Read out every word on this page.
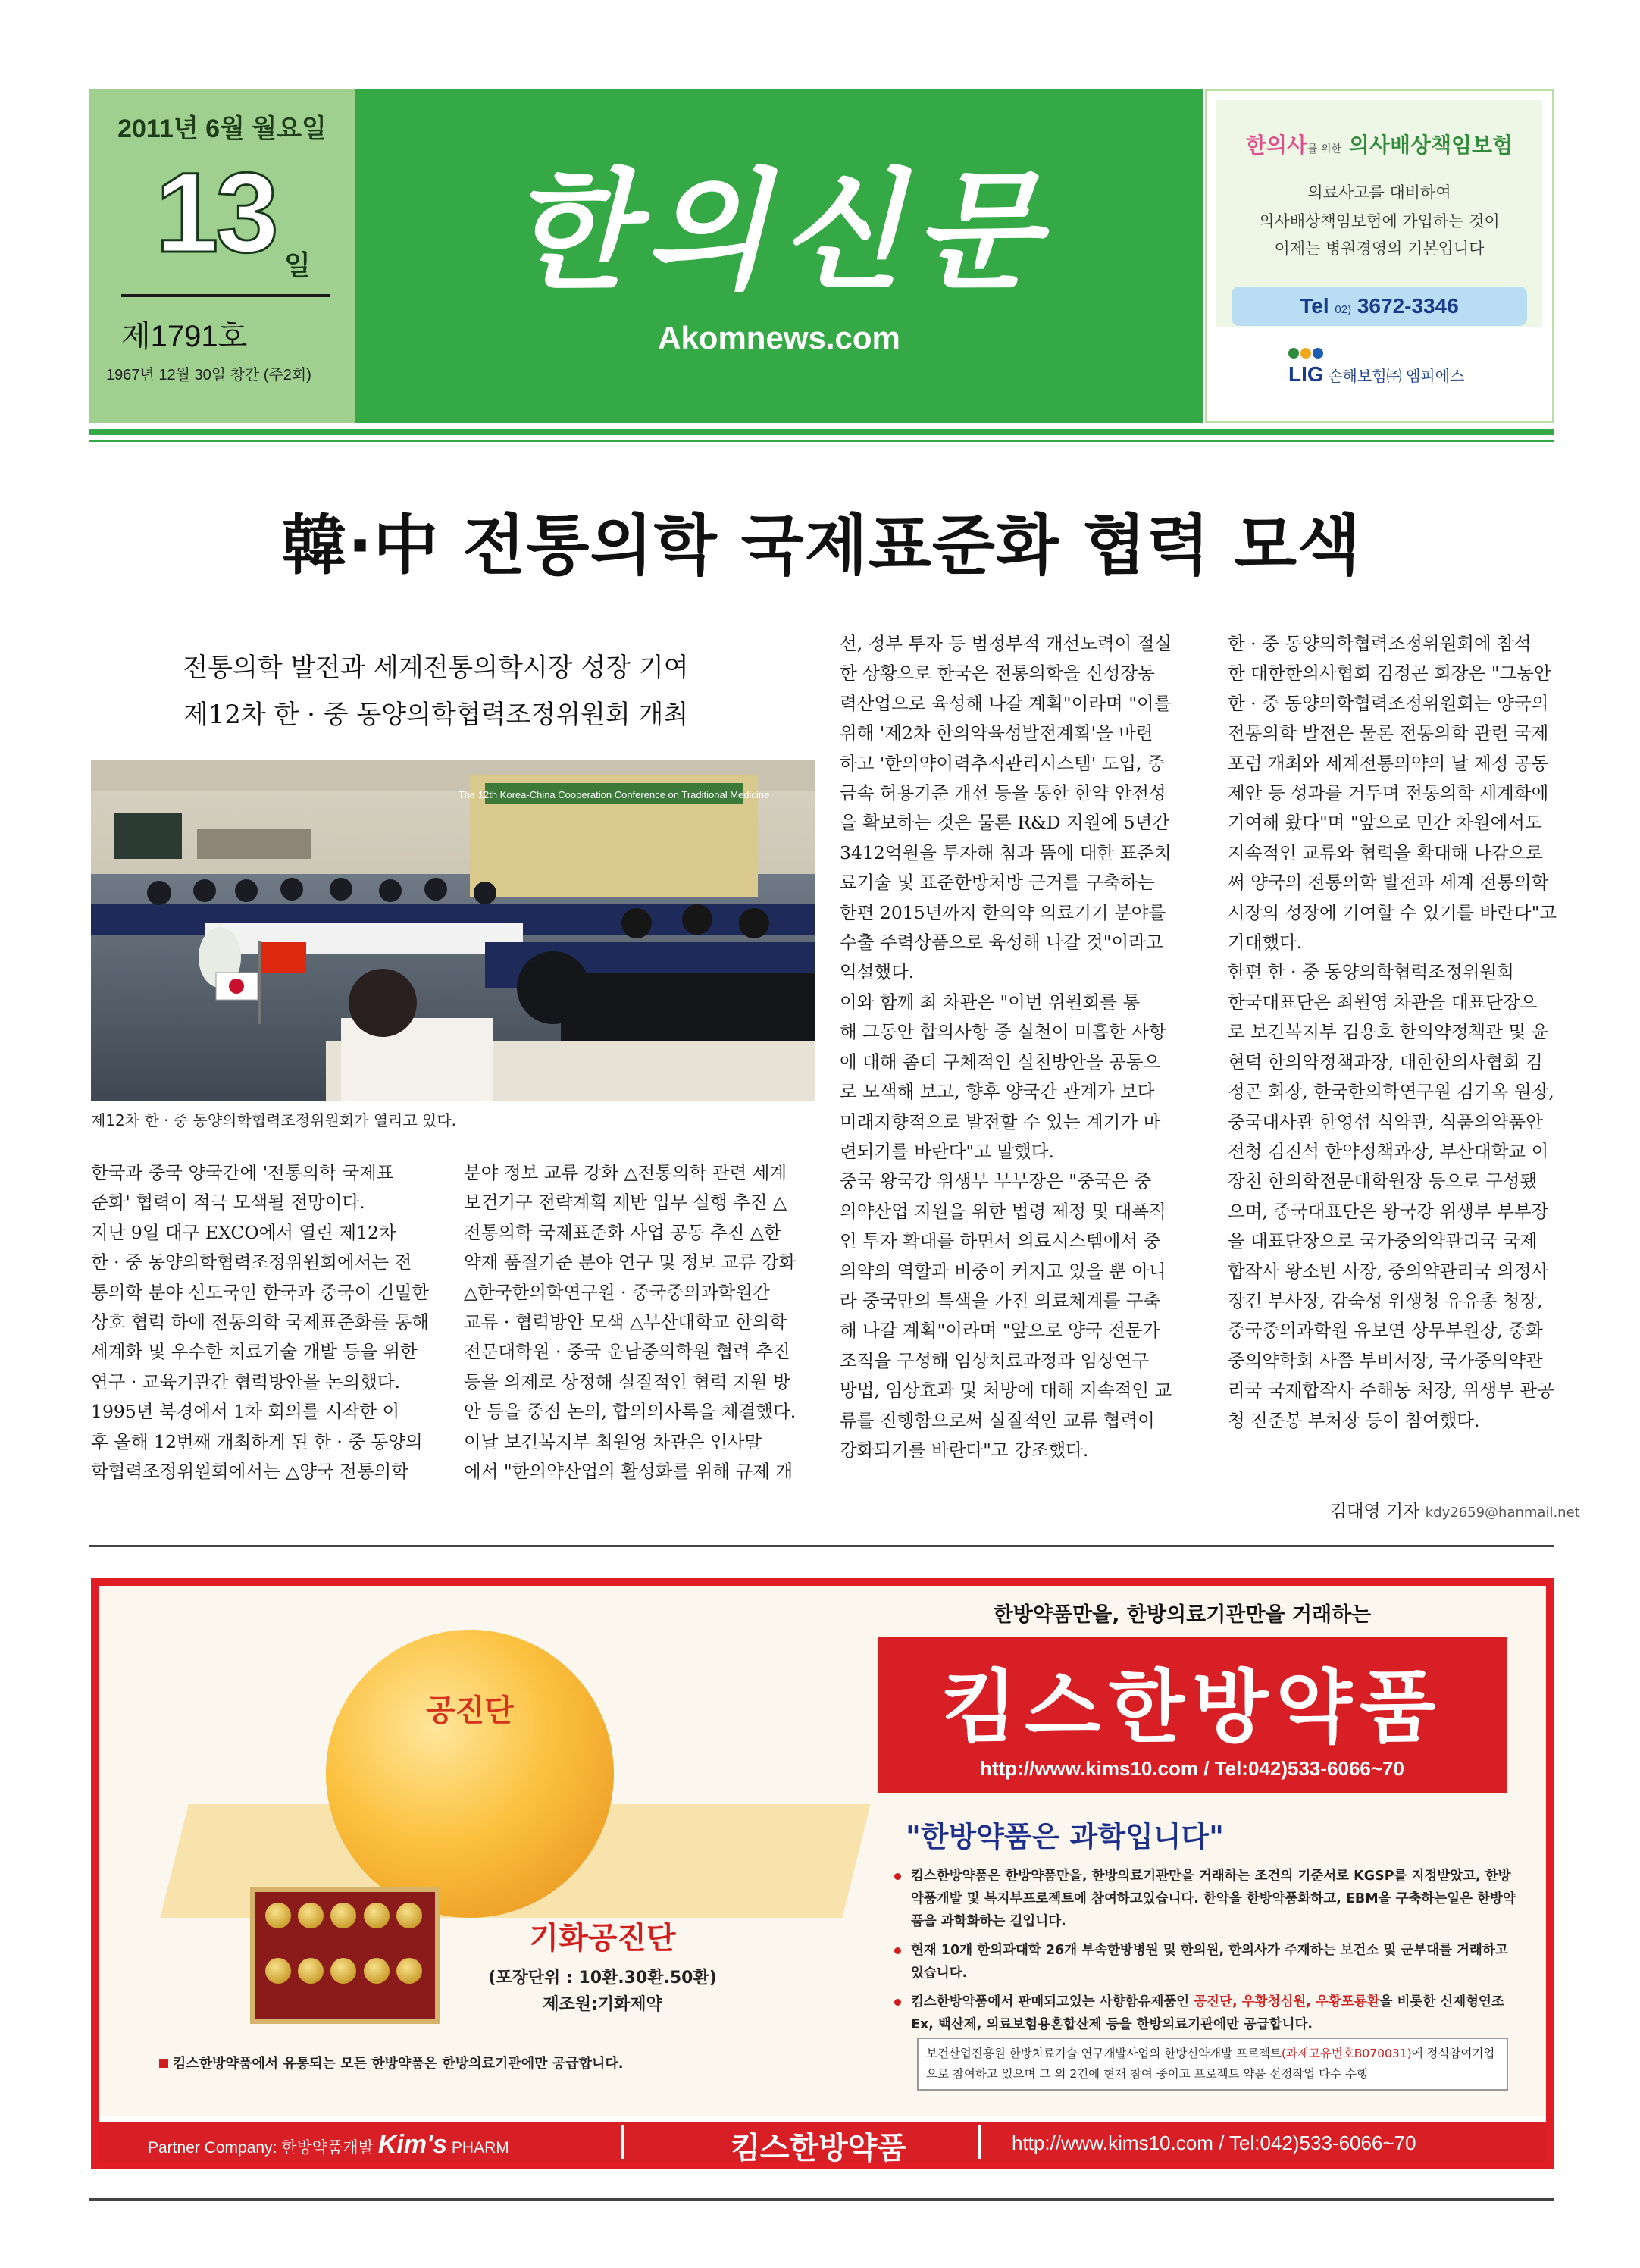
2011년 6월 월요일
13 일
제1791호
1967년 12월 30일 창간 (주2회)
한의신문
Akomnews.com
한의사를 위한 의사배상책임보험
의료사고를 대비하여
의사배상책임보험에 가입하는 것이
이제는 병원경영의 기본입니다
Tel 02) 3672-3346
LIG 손해보험㈜ 엠피에스
韓·中 전통의학 국제표준화 협력 모색
전통의학 발전과 세계전통의학시장 성장 기여
제12차 한 · 중 동양의학협력조정위원회 개최
The 12th Korea-China Cooperation Conference on Traditional Medicine
제12차 한 · 중 동양의학협력조정위원회가 열리고 있다.

한국과 중국 양국간에 '전통의학 국제표

준화' 협력이 적극 모색될 전망이다.

지난 9일 대구 EXCO에서 열린 제12차

한 · 중 동양의학협력조정위원회에서는 전

통의학 분야 선도국인 한국과 중국이 긴밀한

상호 협력 하에 전통의학 국제표준화를 통해

세계화 및 우수한 치료기술 개발 등을 위한

연구 · 교육기관간 협력방안을 논의했다.

1995년 북경에서 1차 회의를 시작한 이

후 올해 12번째 개최하게 된 한 · 중 동양의

학협력조정위원회에서는 △양국 전통의학

분야 정보 교류 강화 △전통의학 관련 세계

보건기구 전략계획 제반 입무 실행 추진 △

전통의학 국제표준화 사업 공동 추진 △한

약재 품질기준 분야 연구 및 정보 교류 강화

△한국한의학연구원 · 중국중의과학원간

교류 · 협력방안 모색 △부산대학교 한의학

전문대학원 · 중국 운남중의학원 협력 추진

등을 의제로 상정해 실질적인 협력 지원 방

안 등을 중점 논의, 합의의사록을 체결했다.

이날 보건복지부 최원영 차관은 인사말

에서 "한의약산업의 활성화를 위해 규제 개

선, 정부 투자 등 범정부적 개선노력이 절실

한 상황으로 한국은 전통의학을 신성장동

력산업으로 육성해 나갈 계획"이라며 "이를

위해 '제2차 한의약육성발전계획'을 마련

하고 '한의약이력추적관리시스템' 도입, 중

금속 허용기준 개선 등을 통한 한약 안전성

을 확보하는 것은 물론 R&D 지원에 5년간

3412억원을 투자해 침과 뜸에 대한 표준치

료기술 및 표준한방처방 근거를 구축하는

한편 2015년까지 한의약 의료기기 분야를

수출 주력상품으로 육성해 나갈 것"이라고

역설했다.

이와 함께 최 차관은 "이번 위원회를 통

해 그동안 합의사항 중 실천이 미흡한 사항

에 대해 좀더 구체적인 실천방안을 공동으

로 모색해 보고, 향후 양국간 관계가 보다

미래지향적으로 발전할 수 있는 계기가 마

련되기를 바란다"고 말했다.

중국 왕국강 위생부 부부장은 "중국은 중

의약산업 지원을 위한 법령 제정 및 대폭적

인 투자 확대를 하면서 의료시스템에서 중

의약의 역할과 비중이 커지고 있을 뿐 아니

라 중국만의 특색을 가진 의료체계를 구축

해 나갈 계획"이라며 "앞으로 양국 전문가

조직을 구성해 임상치료과정과 임상연구

방법, 임상효과 및 처방에 대해 지속적인 교

류를 진행함으로써 실질적인 교류 협력이

강화되기를 바란다"고 강조했다.

한 · 중 동양의학협력조정위원회에 참석

한 대한한의사협회 김정곤 회장은 "그동안

한 · 중 동양의학협력조정위원회는 양국의

전통의학 발전은 물론 전통의학 관련 국제

포럼 개최와 세계전통의약의 날 제정 공동

제안 등 성과를 거두며 전통의학 세계화에

기여해 왔다"며 "앞으로 민간 차원에서도

지속적인 교류와 협력을 확대해 나감으로

써 양국의 전통의학 발전과 세계 전통의학

시장의 성장에 기여할 수 있기를 바란다"고

기대했다.

한편 한 · 중 동양의학협력조정위원회

한국대표단은 최원영 차관을 대표단장으

로 보건복지부 김용호 한의약정책관 및 윤

현덕 한의약정책과장, 대한한의사협회 김

정곤 회장, 한국한의학연구원 김기옥 원장,

중국대사관 한영섭 식약관, 식품의약품안

전청 김진석 한약정책과장, 부산대학교 이

장천 한의학전문대학원장 등으로 구성됐

으며, 중국대표단은 왕국강 위생부 부부장

을 대표단장으로 국가중의약관리국 국제

합작사 왕소빈 사장, 중의약관리국 의정사

장건 부사장, 감숙성 위생청 유유총 청장,

중국중의과학원 유보연 상무부원장, 중화

중의약학회 사쯤 부비서장, 국가중의약관

리국 국제합작사 주해동 처장, 위생부 관공

청 진준봉 부처장 등이 참여했다.

김대영 기자 kdy2659@hanmail.net
공진단
기화공진단
(포장단위 : 10환.30환.50환)
제조원:기화제약
킴스한방약품에서 유통되는 모든 한방약품은 한방의료기관에만 공급합니다.
한방약품만을, 한방의료기관만을 거래하는
킴스한방약품
http://www.kims10.com / Tel:042)533-6066~70
"한방약품은 과학입니다"
킴스한방약품은 한방약품만을, 한방의료기관만을 거래하는 조건의 기준서로 KGSP를 지정받았고, 한방약품개발 및 복지부프로젝트에 참여하고있습니다. 한약을 한방약품화하고, EBM을 구축하는일은 한방약품을 과학화하는 길입니다.
현재 10개 한의과대학 26개 부속한방병원 및 한의원, 한의사가 주재하는 보건소 및 군부대를 거래하고 있습니다.
킴스한방약품에서 판매되고있는 사향함유제품인 공진단, 우황청심원, 우황포룡환을 비롯한 신제형연조Ex, 백산제, 의료보험용혼합산제 등을 한방의료기관에만 공급합니다.
보건산업진흥원 한방치료기술 연구개발사업의 한방신약개발 프로젝트(과제고유번호B070031)에 정식참여기업으로 참여하고 있으며 그 외 2건에 현재 참여 중이고 프로젝트 약품 선정작업 다수 수행
Partner Company: 한방약품개발 Kim's PHARM	킴스한방약품	http://www.kims10.com / Tel:042)533-6066~70
